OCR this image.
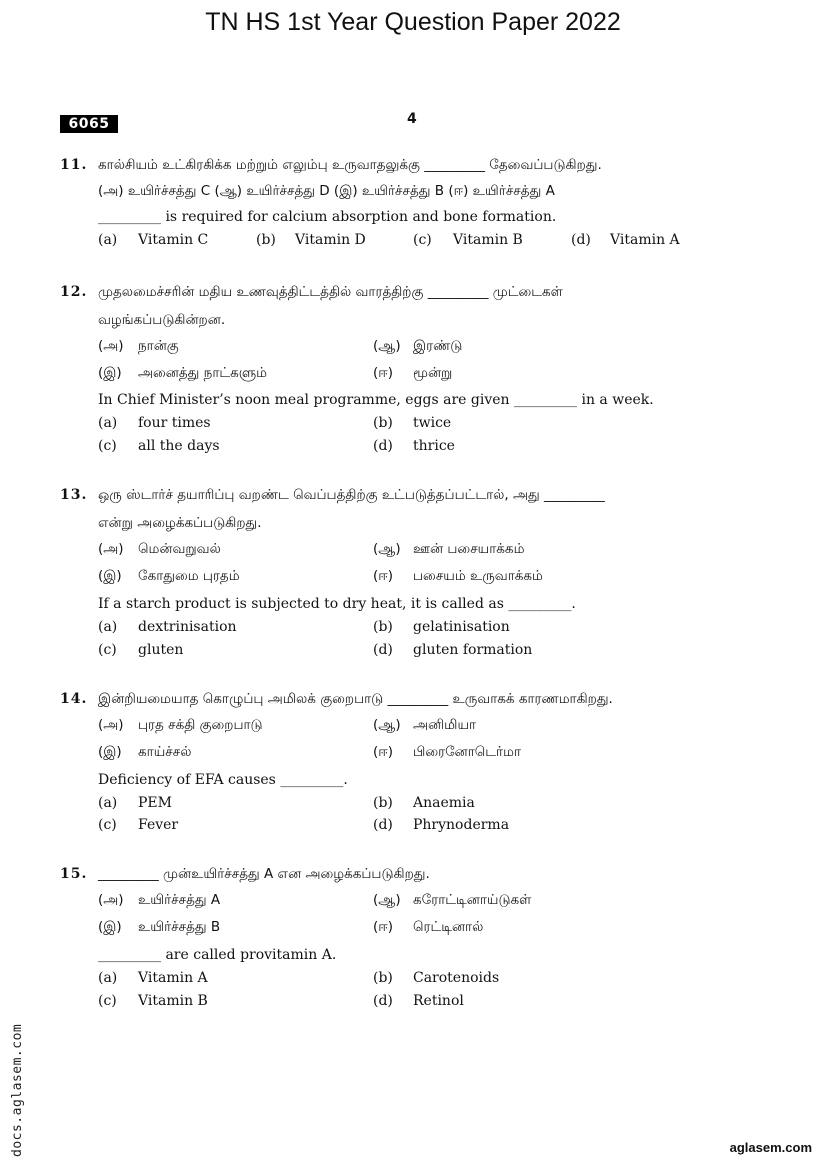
TN HS 1st Year Question Paper 2022
6065	4
11. கால்சியம் உட்கிரகிக்க மற்றும் எலும்பு உருவாதலுக்கு _________ தேவைப்படுகிறது.
(அ) உயிர்ச்சத்து C (ஆ) உயிர்ச்சத்து D (இ) உயிர்ச்சத்து B (ஈ) உயிர்ச்சத்து A
_________ is required for calcium absorption and bone formation.
(a) Vitamin C	(b) Vitamin D	(c) Vitamin B	(d) Vitamin A
12. முதலமைச்சரின் மதிய உணவுத்திட்டத்தில் வாரத்திற்கு _________ முட்டைகள்
வழங்கப்படுகின்றன.
(அ) நான்கு	(ஆ) இரண்டு
(இ) அனைத்து நாட்களும்	(ஈ) மூன்று
In Chief Minister’s noon meal programme, eggs are given _________ in a week.
(a) four times	(b) twice
(c) all the days	(d) thrice
13. ஒரு ஸ்டார்ச் தயாரிப்பு வறண்ட வெப்பத்திற்கு உட்படுத்தப்பட்டால், அது _________
என்று அழைக்கப்படுகிறது.
(அ) மென்வறுவல்	(ஆ) ஊன் பசையாக்கம்
(இ) கோதுமை புரதம்	(ஈ) பசையம் உருவாக்கம்
If a starch product is subjected to dry heat, it is called as _________.
(a) dextrinisation	(b) gelatinisation
(c) gluten	(d) gluten formation
14. இன்றியமையாத கொழுப்பு அமிலக் குறைபாடு _________ உருவாகக் காரணமாகிறது.
(அ) புரத சக்தி குறைபாடு	(ஆ) அனிமியா
(இ) காய்ச்சல்	(ஈ) பிரைனோடெர்மா
Deficiency of EFA causes _________.
(a) PEM	(b) Anaemia
(c) Fever	(d) Phrynoderma
15. _________ முன்உயிர்ச்சத்து A என அழைக்கப்படுகிறது.
(அ) உயிர்ச்சத்து A	(ஆ) கரோட்டினாய்டுகள்
(இ) உயிர்ச்சத்து B	(ஈ) ரெட்டினால்
_________ are called provitamin A.
(a) Vitamin A	(b) Carotenoids
(c) Vitamin B	(d) Retinol
docs.aglasem.com	aglasem.com
